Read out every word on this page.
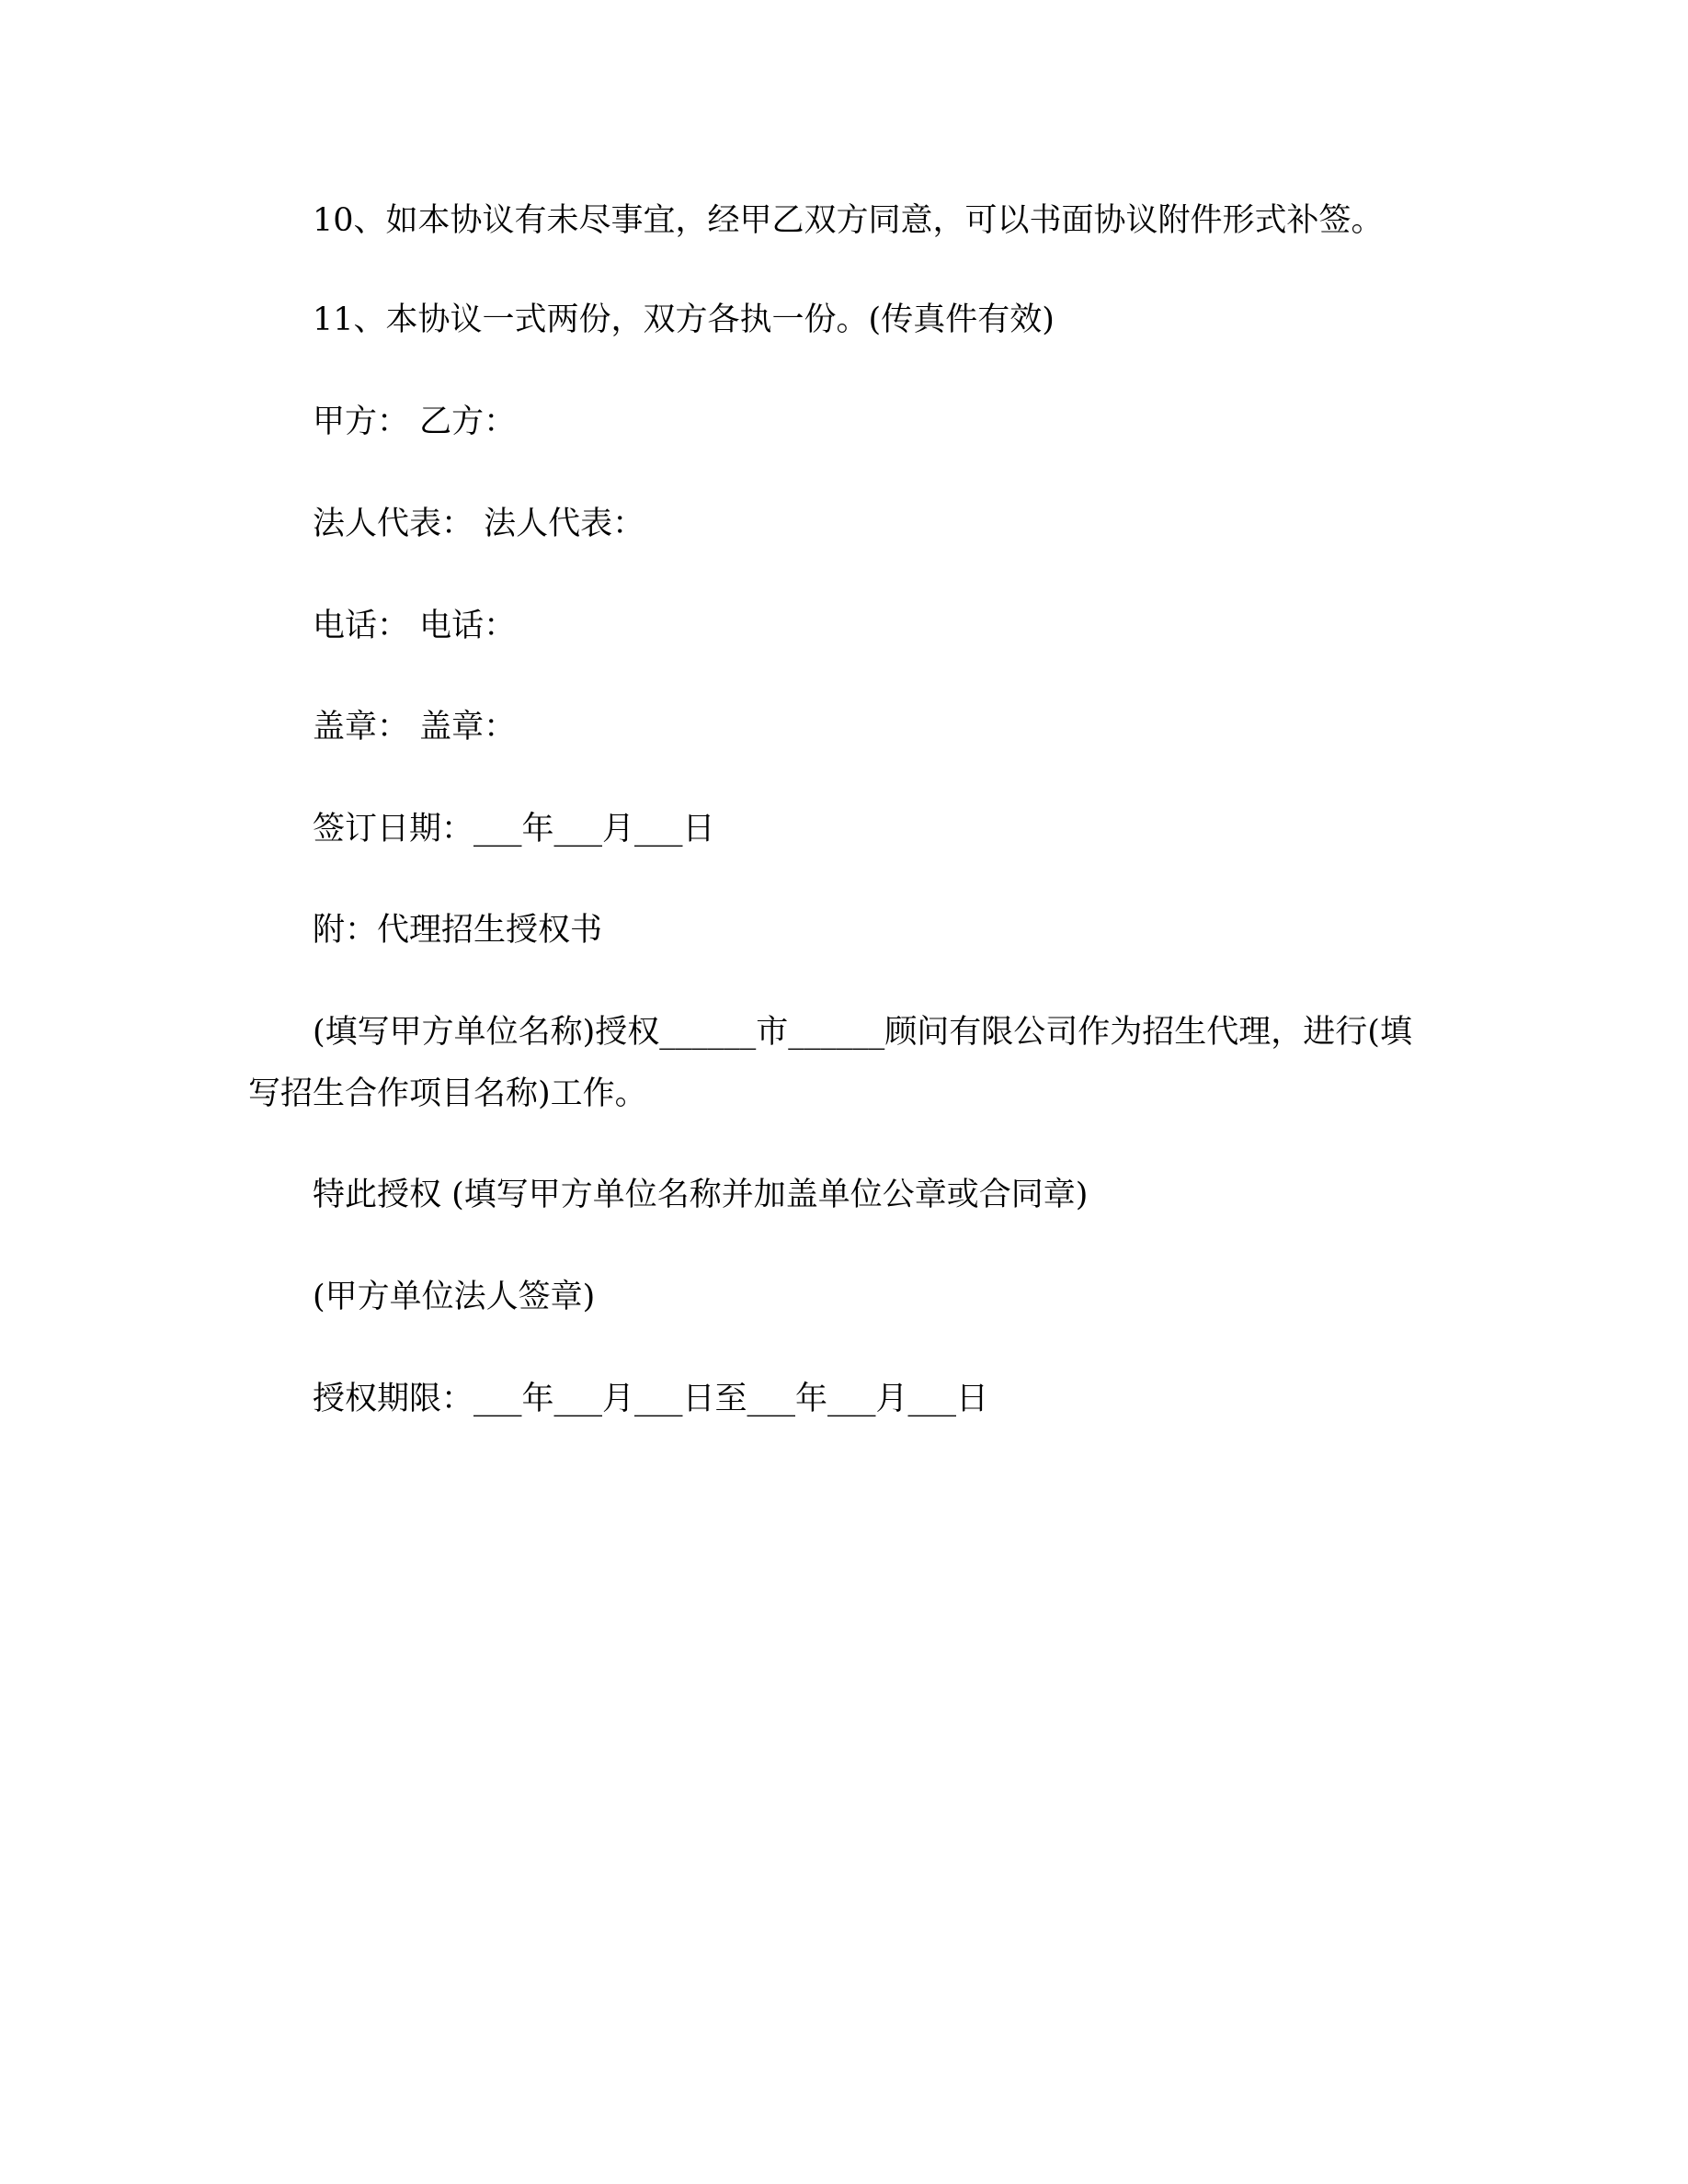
10、如本协议有未尽事宜，经甲乙双方同意，可以书面协议附件形式补签。

11、本协议一式两份，双方各执一份。(传真件有效)

甲方： 乙方：

法人代表： 法人代表：

电话： 电话：

盖章： 盖章：

签订日期：___年___月___日

附：代理招生授权书

(填写甲方单位名称)授权______市______顾问有限公司作为招生代理，进行(填

写招生合作项目名称)工作。

特此授权 (填写甲方单位名称并加盖单位公章或合同章)

(甲方单位法人签章)

授权期限：___年___月___日至___年___月___日
